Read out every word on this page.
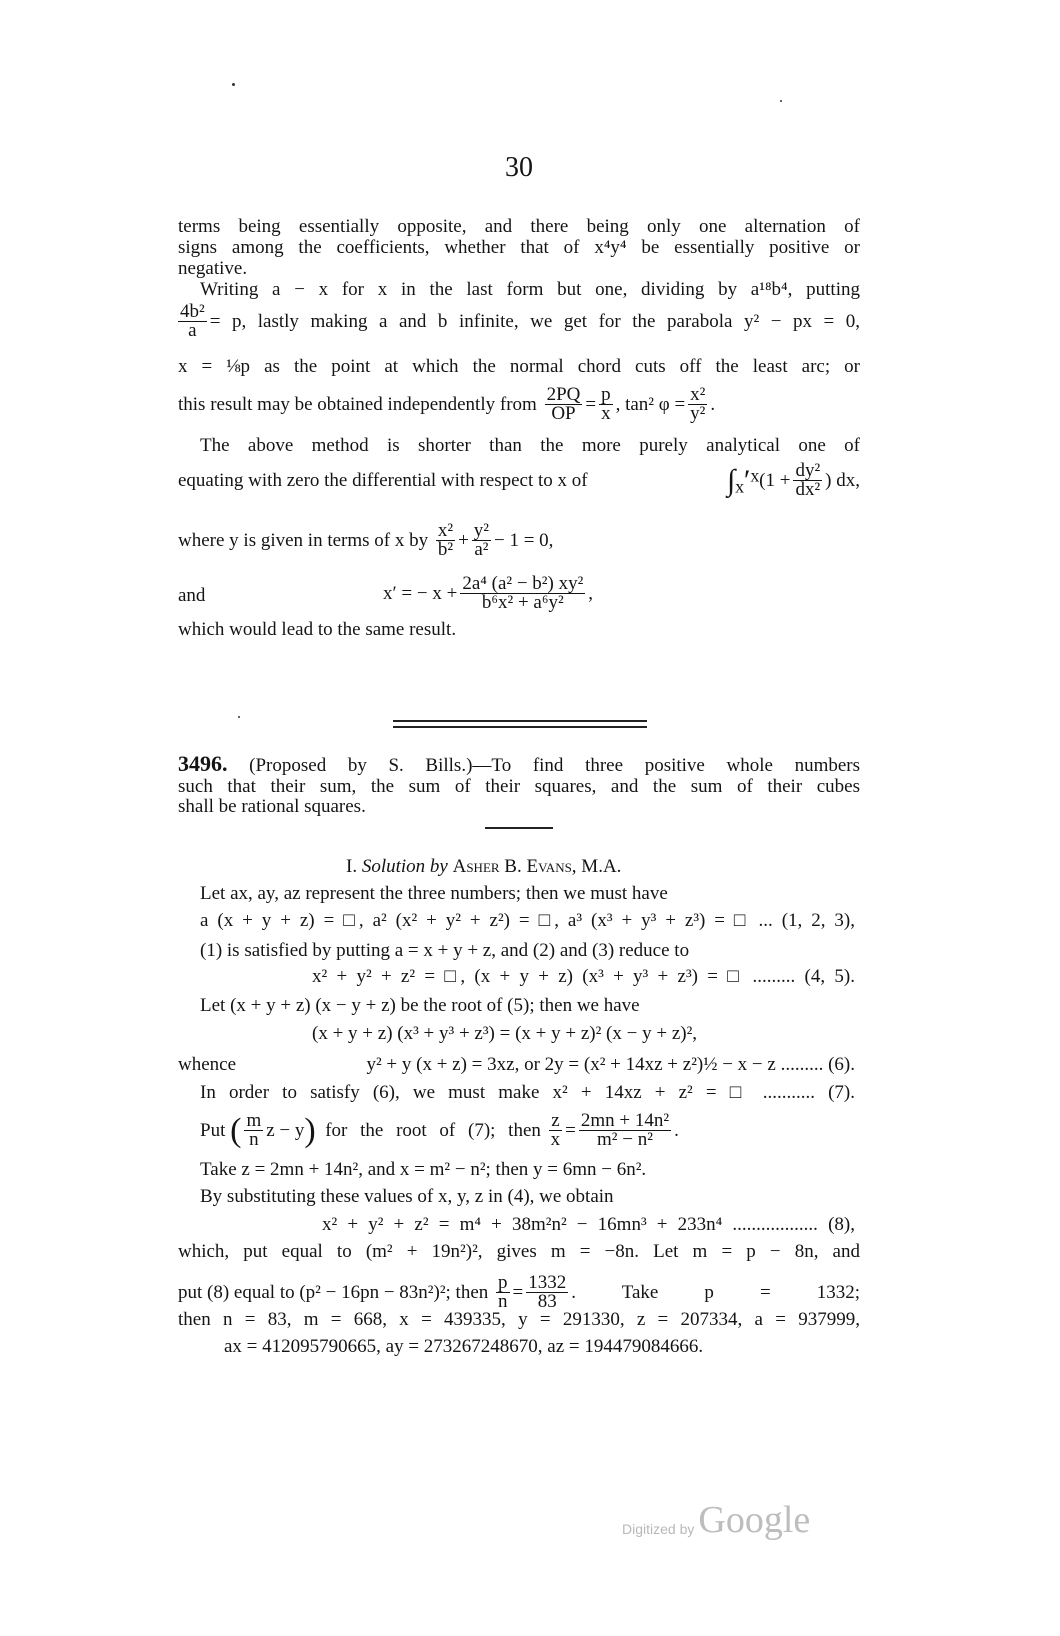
30
terms being essentially opposite, and there being only one alternation of
signs among the coefficients, whether that of x⁴y⁴ be essentially positive or
negative.
Writing a − x for x in the last form but one, dividing by a¹⁸b⁴, putting
$\frac{\text{4b²}}{a} = p$, lastly making a and b infinite, we get for the parabola y² − px = 0,
x = ⅛p as the point at which the normal chord cuts off the least arc; or
this result may be obtained independently from
$\frac{2PQ}{OP} = \frac{p}{x}$ , tan² $\varphi = \frac{\text{x²}}{\text{y²}}$ .
The above method is shorter than the more purely analytical one of
equating with zero the differential with respect to x of	∫ₓ′ˣ ($1 + \frac{\text{dy²}}{\text{dx²}}$ ) dx,
where y is given in terms of x by
$\frac{\text{x²}}{\text{b²}} + \frac{\text{y²}}{\text{a²}} - 1 = 0$,
and	x′ = − $x + \frac{\text{2a⁴ (a² − b²) xy²}}{\text{b⁶x² + a⁶y²}}$ ,
which would lead to the same result.
3496. (Proposed by S. Bills.)—To find three positive whole numbers
such that their sum, the sum of their squares, and the sum of their cubes
shall be rational squares.
I. Solution by Asher B. Evans, M.A.
Let ax, ay, az represent the three numbers; then we must have
a (x + y + z) = □, a² (x² + y² + z²) = □, a³ (x³ + y³ + z³) = □ ... (1, 2, 3),
(1) is satisfied by putting a = x + y + z, and (2) and (3) reduce to
x² + y² + z² = □, (x + y + z) (x³ + y³ + z³) = □ ......... (4, 5).
Let (x + y + z) (x − y + z) be the root of (5); then we have
(x + y + z) (x³ + y³ + z³) = (x + y + z)² (x − y + z)²,
whence	y² + y (x + z) = 3xz, or 2y = (x² + 14xz + z²)½ − x − z ......... (6).
In order to satisfy (6), we must make x² + 14xz + z² = □ ........... (7).
Put
( $\frac{m}{n}$ z − y )
for the root of (7); then
$\frac{z}{x} = \frac{\text{2mn + 14n²}}{\text{m² − n²}}$ .
Take z = 2mn + 14n², and x = m² − n²; then y = 6mn − 6n².
By substituting these values of x, y, z in (4), we obtain
x² + y² + z² = m⁴ + 38m²n² − 16mn³ + 233n⁴ .................. (8),
which, put equal to (m² + 19n²)², gives m = −8n. Let m = p − 8n, and
put (8) equal to (p² − 16pn − 83n²)²; then
$\frac{p}{n} = \frac{1332}{83}$ . Take p = 1332;
then n = 83, m = 668, x = 439335, y = 291330, z = 207334, a = 937999,
ax = 412095790665, ay = 273267248670, az = 194479084666.
Digitized by Google
